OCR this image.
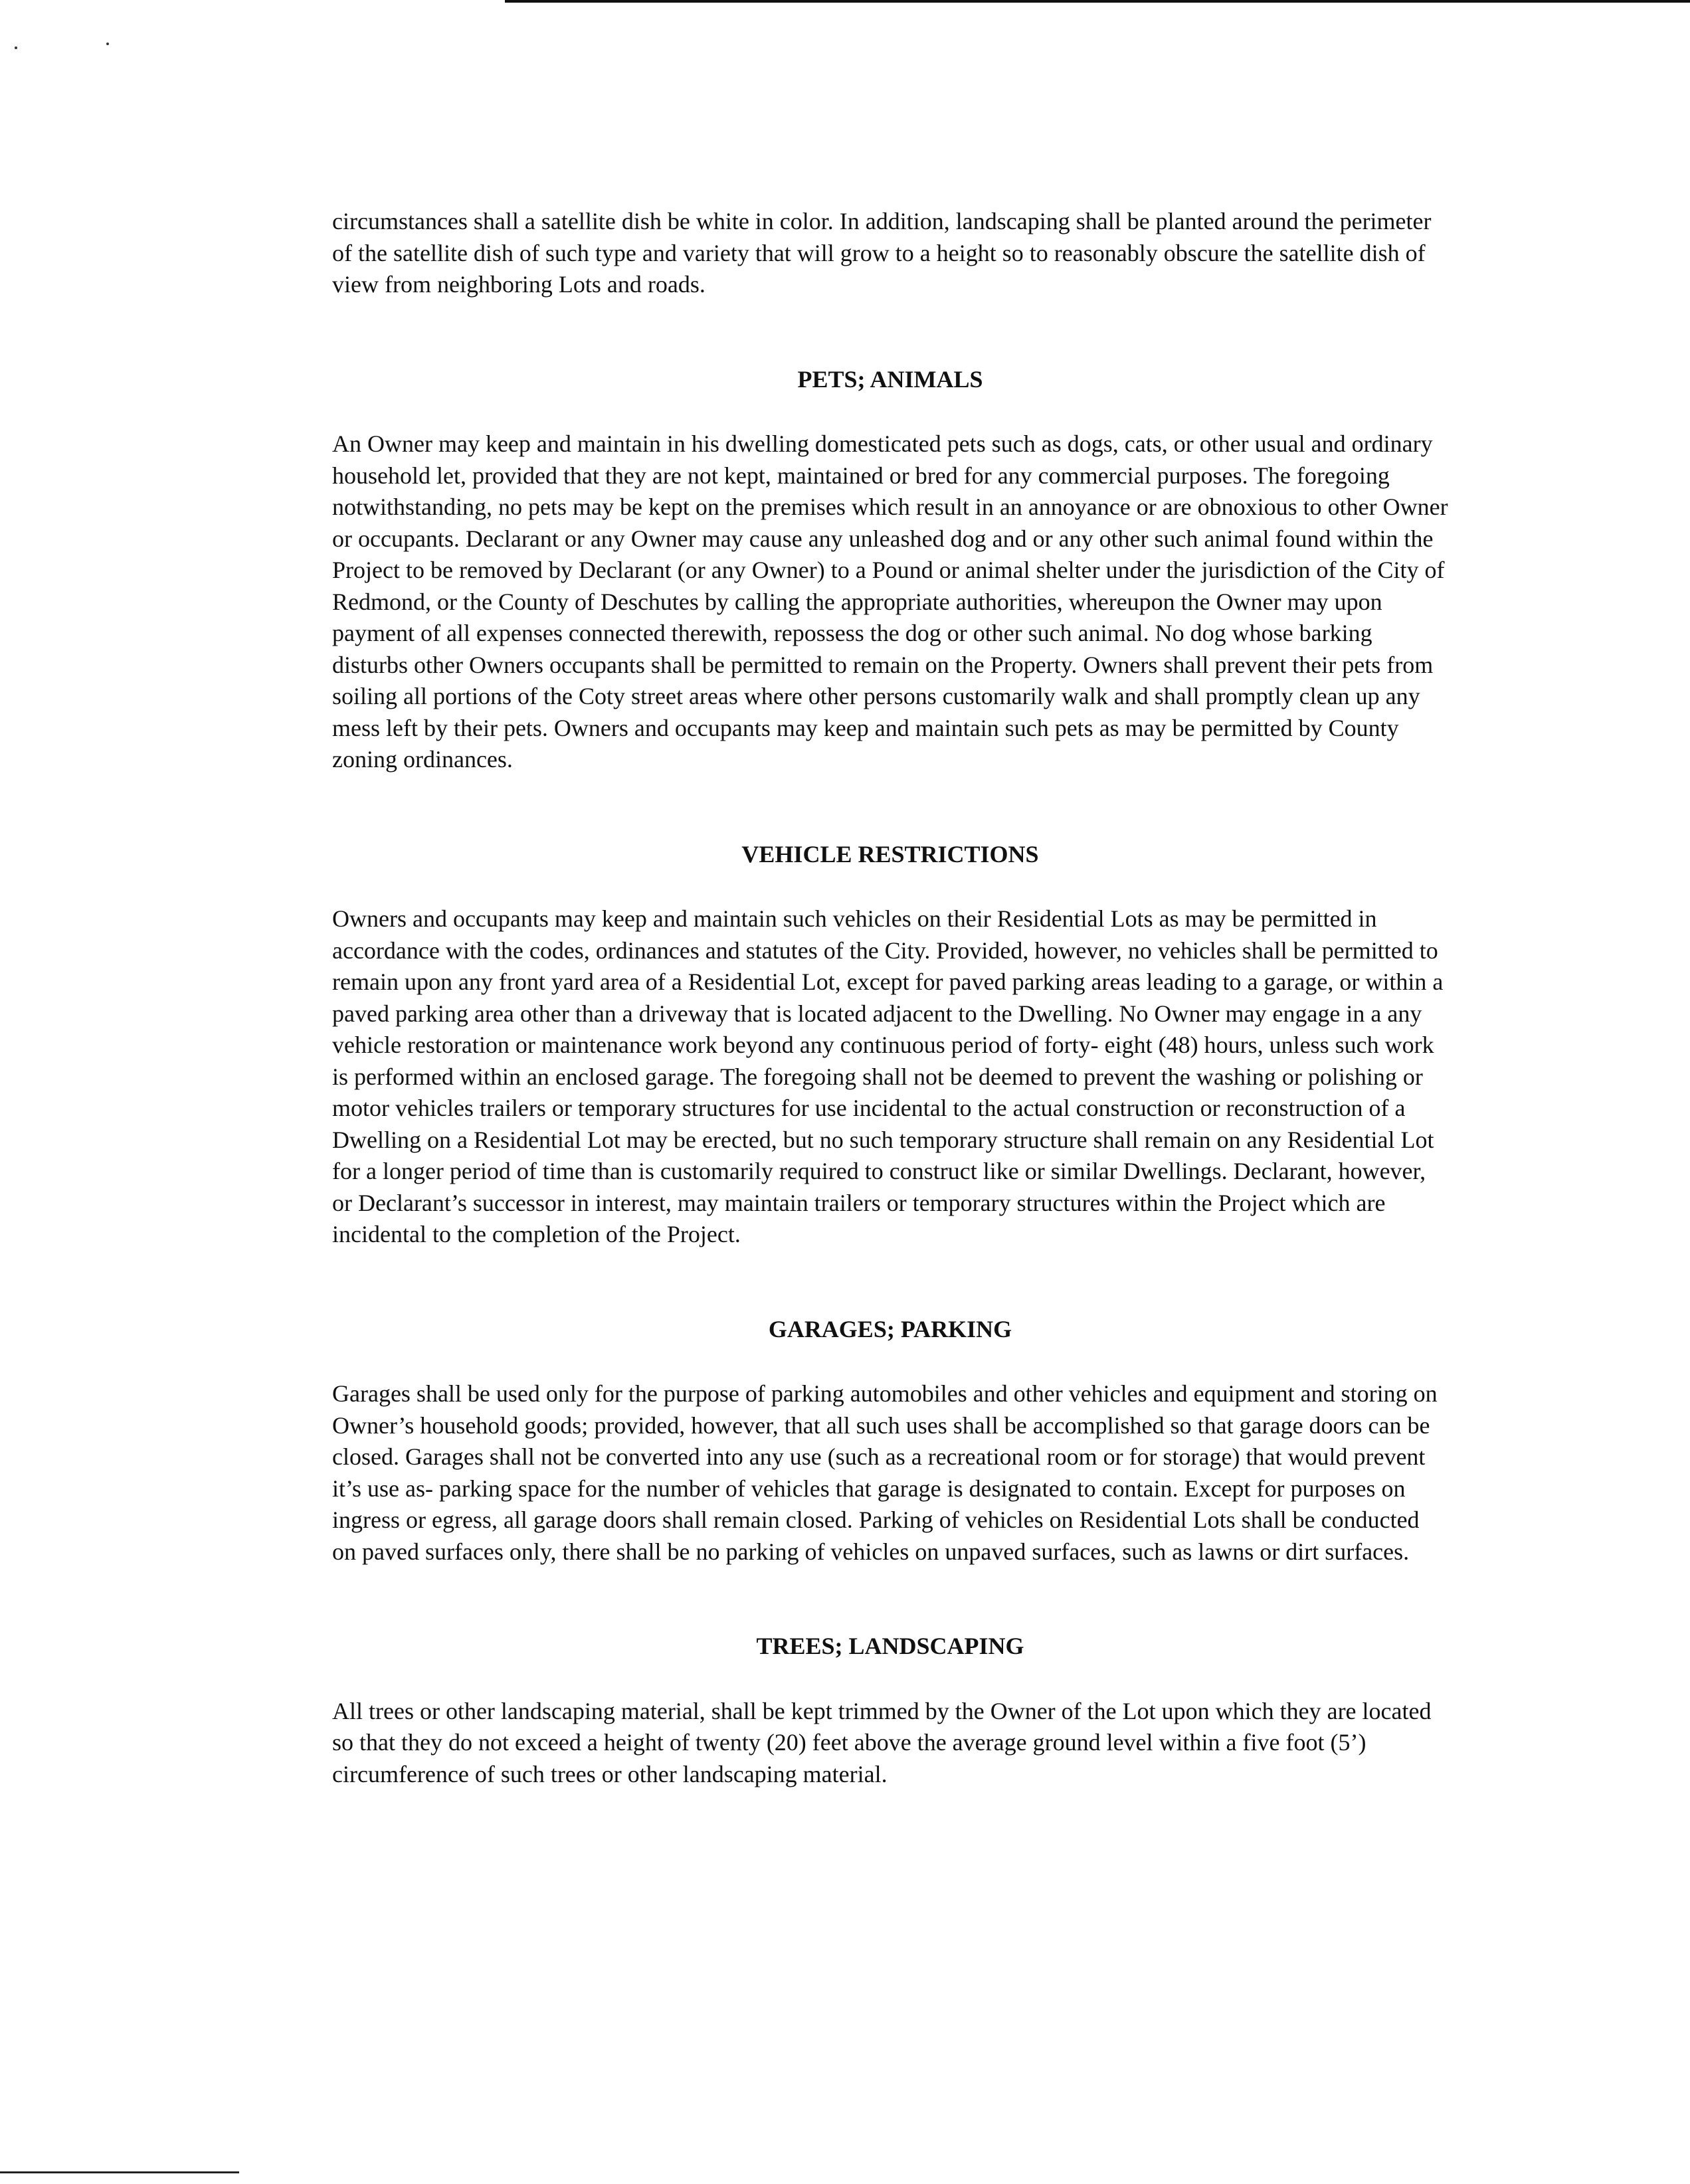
circumstances shall a satellite dish be white in color. In addition, landscaping shall be planted around the perimeter of the satellite dish of such type and variety that will grow to a height so to reasonably obscure the satellite dish of view from neighboring Lots and roads.

PETS; ANIMALS

An Owner may keep and maintain in his dwelling domesticated pets such as dogs, cats, or other usual and ordinary household let, provided that they are not kept, maintained or bred for any commercial purposes. The foregoing notwithstanding, no pets may be kept on the premises which result in an annoyance or are obnoxious to other Owner or occupants. Declarant or any Owner may cause any unleashed dog and or any other such animal found within the Project to be removed by Declarant (or any Owner) to a Pound or animal shelter under the jurisdiction of the City of Redmond, or the County of Deschutes by calling the appropriate authorities, whereupon the Owner may upon payment of all expenses connected therewith, repossess the dog or other such animal. No dog whose barking disturbs other Owners occupants shall be permitted to remain on the Property. Owners shall prevent their pets from soiling all portions of the Coty street areas where other persons customarily walk and shall promptly clean up any mess left by their pets. Owners and occupants may keep and maintain such pets as may be permitted by County zoning ordinances.

VEHICLE RESTRICTIONS

Owners and occupants may keep and maintain such vehicles on their Residential Lots as may be permitted in accordance with the codes, ordinances and statutes of the City. Provided, however, no vehicles shall be permitted to remain upon any front yard area of a Residential Lot, except for paved parking areas leading to a garage, or within a paved parking area other than a driveway that is located adjacent to the Dwelling. No Owner may engage in a any vehicle restoration or maintenance work beyond any continuous period of forty- eight (48) hours, unless such work is performed within an enclosed garage. The foregoing shall not be deemed to prevent the washing or polishing or motor vehicles trailers or temporary structures for use incidental to the actual construction or reconstruction of a Dwelling on a Residential Lot may be erected, but no such temporary structure shall remain on any Residential Lot for a longer period of time than is customarily required to construct like or similar Dwellings. Declarant, however, or Declarant’s successor in interest, may maintain trailers or temporary structures within the Project which are incidental to the completion of the Project.

GARAGES; PARKING

Garages shall be used only for the purpose of parking automobiles and other vehicles and equipment and storing on Owner’s household goods; provided, however, that all such uses shall be accomplished so that garage doors can be closed. Garages shall not be converted into any use (such as a recreational room or for storage) that would prevent it’s use as- parking space for the number of vehicles that garage is designated to contain. Except for purposes on ingress or egress, all garage doors shall remain closed. Parking of vehicles on Residential Lots shall be conducted on paved surfaces only, there shall be no parking of vehicles on unpaved surfaces, such as lawns or dirt surfaces.

TREES; LANDSCAPING

All trees or other landscaping material, shall be kept trimmed by the Owner of the Lot upon which they are located so that they do not exceed a height of twenty (20) feet above the average ground level within a five foot (5’) circumference of such trees or other landscaping material.
